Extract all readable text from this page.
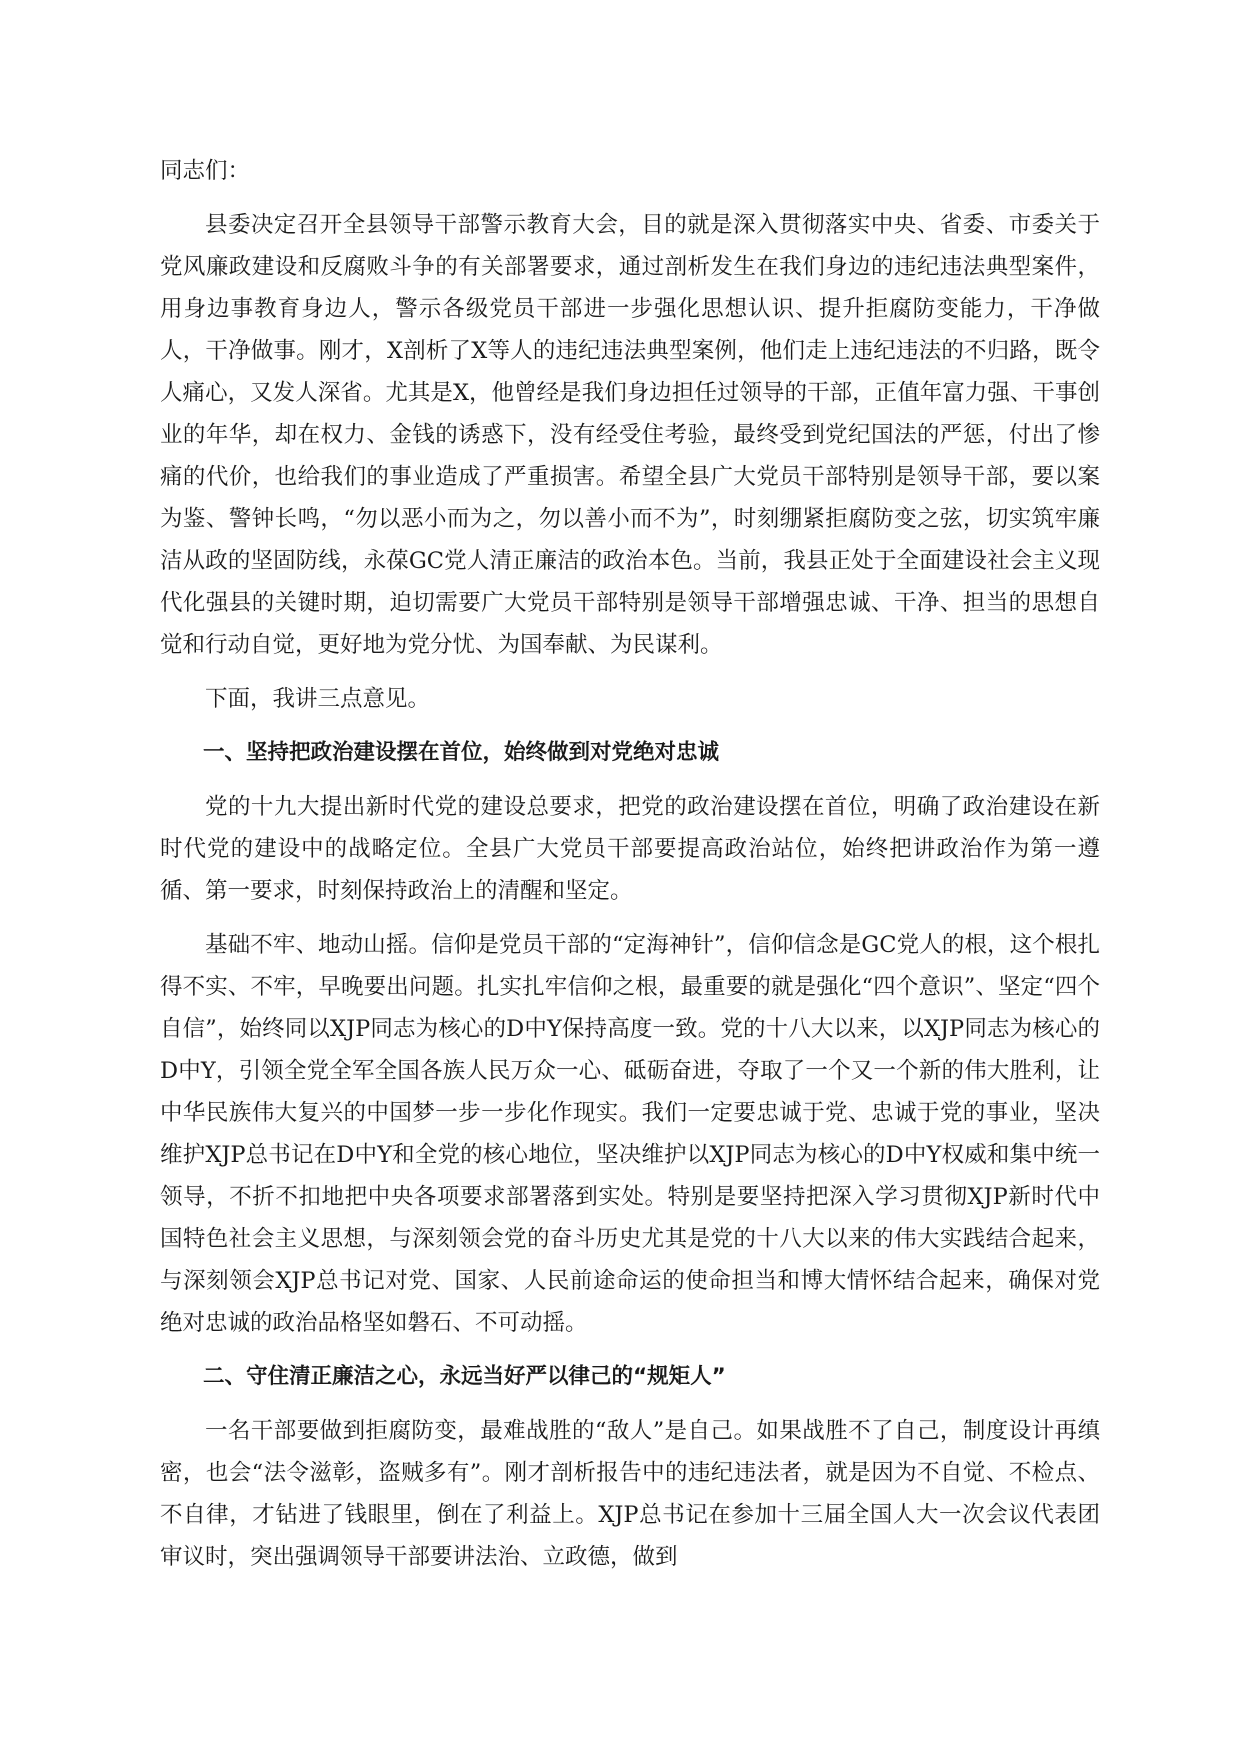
同志们：

县委决定召开全县领导干部警示教育大会，目的就是深入贯彻落实中央、省委、市委关于党风廉政建设和反腐败斗争的有关部署要求，通过剖析发生在我们身边的违纪违法典型案件，用身边事教育身边人，警示各级党员干部进一步强化思想认识、提升拒腐防变能力，干净做人，干净做事。刚才，X剖析了X等人的违纪违法典型案例，他们走上违纪违法的不归路，既令人痛心，又发人深省。尤其是X，他曾经是我们身边担任过领导的干部，正值年富力强、干事创业的年华，却在权力、金钱的诱惑下，没有经受住考验，最终受到党纪国法的严惩，付出了惨痛的代价，也给我们的事业造成了严重损害。希望全县广大党员干部特别是领导干部，要以案为鉴、警钟长鸣，“勿以恶小而为之，勿以善小而不为”，时刻绷紧拒腐防变之弦，切实筑牢廉洁从政的坚固防线，永葆GC党人清正廉洁的政治本色。当前，我县正处于全面建设社会主义现代化强县的关键时期，迫切需要广大党员干部特别是领导干部增强忠诚、干净、担当的思想自觉和行动自觉，更好地为党分忧、为国奉献、为民谋利。

下面，我讲三点意见。

一、坚持把政治建设摆在首位，始终做到对党绝对忠诚

党的十九大提出新时代党的建设总要求，把党的政治建设摆在首位，明确了政治建设在新时代党的建设中的战略定位。全县广大党员干部要提高政治站位，始终把讲政治作为第一遵循、第一要求，时刻保持政治上的清醒和坚定。

基础不牢、地动山摇。信仰是党员干部的“定海神针”，信仰信念是GC党人的根，这个根扎得不实、不牢，早晚要出问题。扎实扎牢信仰之根，最重要的就是强化“四个意识”、坚定“四个自信”，始终同以XJP同志为核心的D中Y保持高度一致。党的十八大以来，以XJP同志为核心的D中Y，引领全党全军全国各族人民万众一心、砥砺奋进，夺取了一个又一个新的伟大胜利，让中华民族伟大复兴的中国梦一步一步化作现实。我们一定要忠诚于党、忠诚于党的事业，坚决维护XJP总书记在D中Y和全党的核心地位，坚决维护以XJP同志为核心的D中Y权威和集中统一领导，不折不扣地把中央各项要求部署落到实处。特别是要坚持把深入学习贯彻XJP新时代中国特色社会主义思想，与深刻领会党的奋斗历史尤其是党的十八大以来的伟大实践结合起来，与深刻领会XJP总书记对党、国家、人民前途命运的使命担当和博大情怀结合起来，确保对党绝对忠诚的政治品格坚如磐石、不可动摇。

二、守住清正廉洁之心，永远当好严以律己的“规矩人”

一名干部要做到拒腐防变，最难战胜的“敌人”是自己。如果战胜不了自己，制度设计再缜密，也会“法令滋彰，盗贼多有”。刚才剖析报告中的违纪违法者，就是因为不自觉、不检点、不自律，才钻进了钱眼里，倒在了利益上。XJP总书记在参加十三届全国人大一次会议代表团审议时，突出强调领导干部要讲法治、立政德，做到
